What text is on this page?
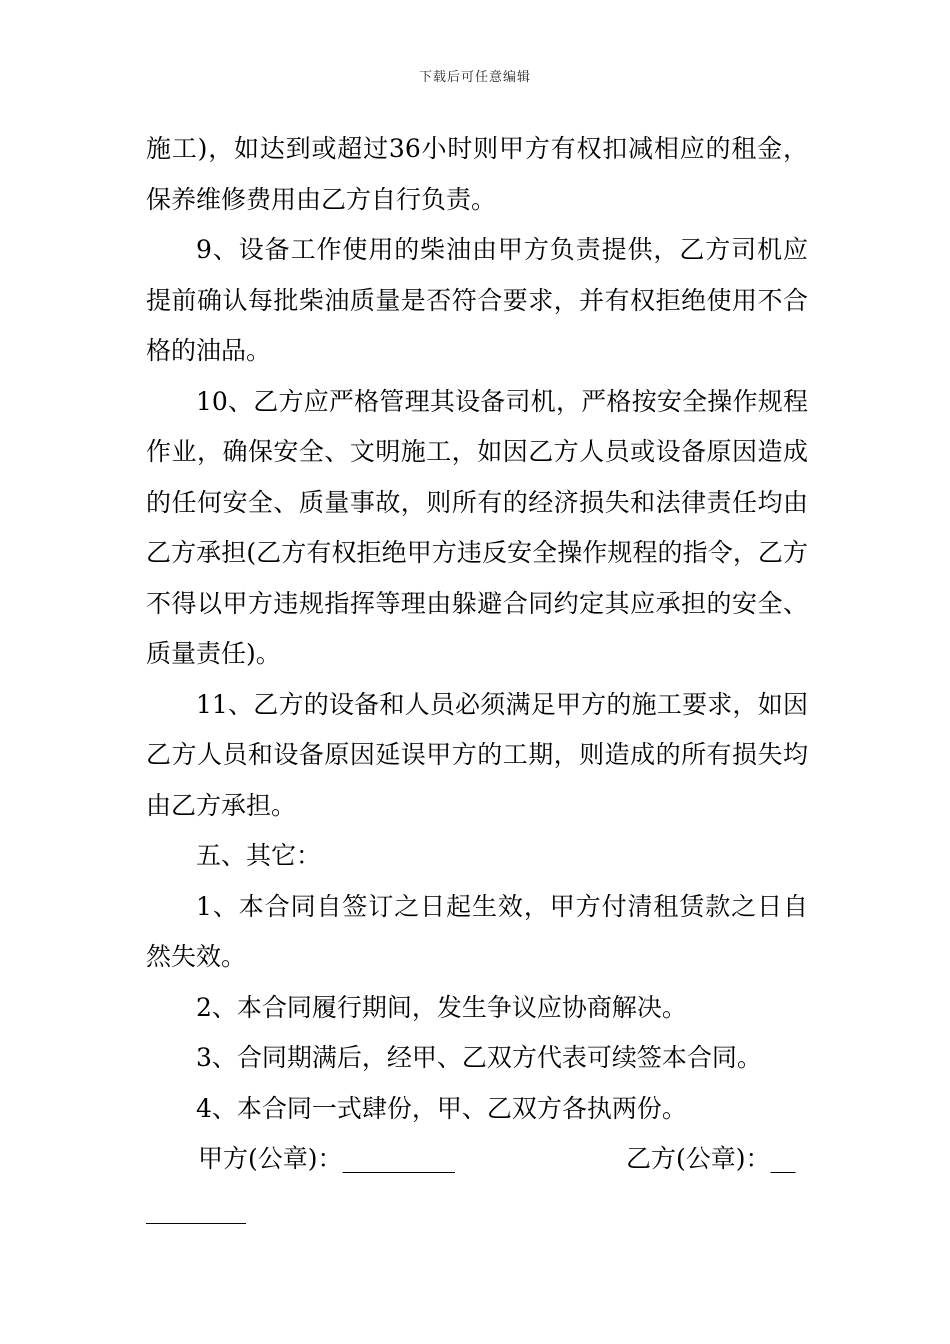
下载后可任意编辑

施工)，如达到或超过36小时则甲方有权扣减相应的租金，保养维修费用由乙方自行负责。

9、设备工作使用的柴油由甲方负责提供，乙方司机应提前确认每批柴油质量是否符合要求，并有权拒绝使用不合格的油品。

10、乙方应严格管理其设备司机，严格按安全操作规程作业，确保安全、文明施工，如因乙方人员或设备原因造成的任何安全、质量事故，则所有的经济损失和法律责任均由乙方承担(乙方有权拒绝甲方违反安全操作规程的指令，乙方不得以甲方违规指挥等理由躲避合同约定其应承担的安全、质量责任)。

11、乙方的设备和人员必须满足甲方的施工要求，如因乙方人员和设备原因延误甲方的工期，则造成的所有损失均由乙方承担。

五、其它：

1、本合同自签订之日起生效，甲方付清租赁款之日自然失效。

2、本合同履行期间，发生争议应协商解决。

3、合同期满后，经甲、乙双方代表可续签本合同。

4、本合同一式肆份，甲、乙双方各执两份。

甲方(公章)：_________	乙方(公章)：__

________
